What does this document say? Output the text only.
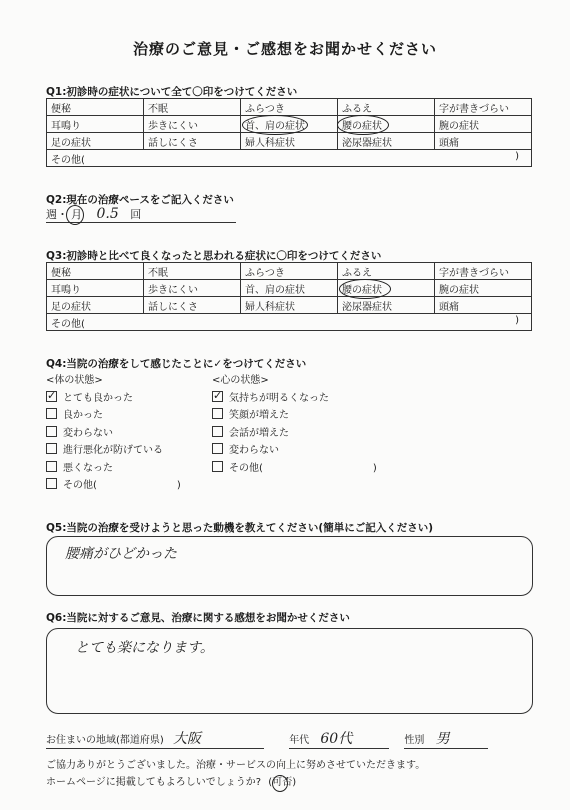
治療のご意見・ご感想をお聞かせください
Q1:初診時の症状について全て〇印をつけてください
便秘	不眠	ふらつき	ふるえ	字が書きづらい
耳鳴り	歩きにくい	首、肩の症状	腰の症状	腕の症状
足の症状	話しにくさ	婦人科症状	泌尿器症状	頭痛
その他( )				
Q2:現在の治療ペースをご記入ください
週・ 月 0.5 回
Q3:初診時と比べて良くなったと思われる症状に〇印をつけてください
便秘	不眠	ふらつき	ふるえ	字が書きづらい
耳鳴り	歩きにくい	首、肩の症状	腰の症状	腕の症状
足の症状	話しにくさ	婦人科症状	泌尿器症状	頭痛
その他( )				
Q4:当院の治療をして感じたことに✓をつけてください
<体の状態>
✓とても良かった
良かった
変わらない
進行悪化が防げている
悪くなった
その他(	)
<心の状態>
✓気持ちが明るくなった
笑顔が増えた
会話が増えた
変わらない
その他(	)
Q5:当院の治療を受けようと思った動機を教えてください(簡単にご記入ください)
腰痛がひどかった
Q6:当院に対するご意見、治療に関する感想をお聞かせください
とても楽になります。
お住まいの地域(都道府県) 大阪	年代 60代	性別 男
ご協力ありがとうございました。治療・サービスの向上に努めさせていただきます。
ホームページに掲載してもよろしいでしょうか? (可
否)
